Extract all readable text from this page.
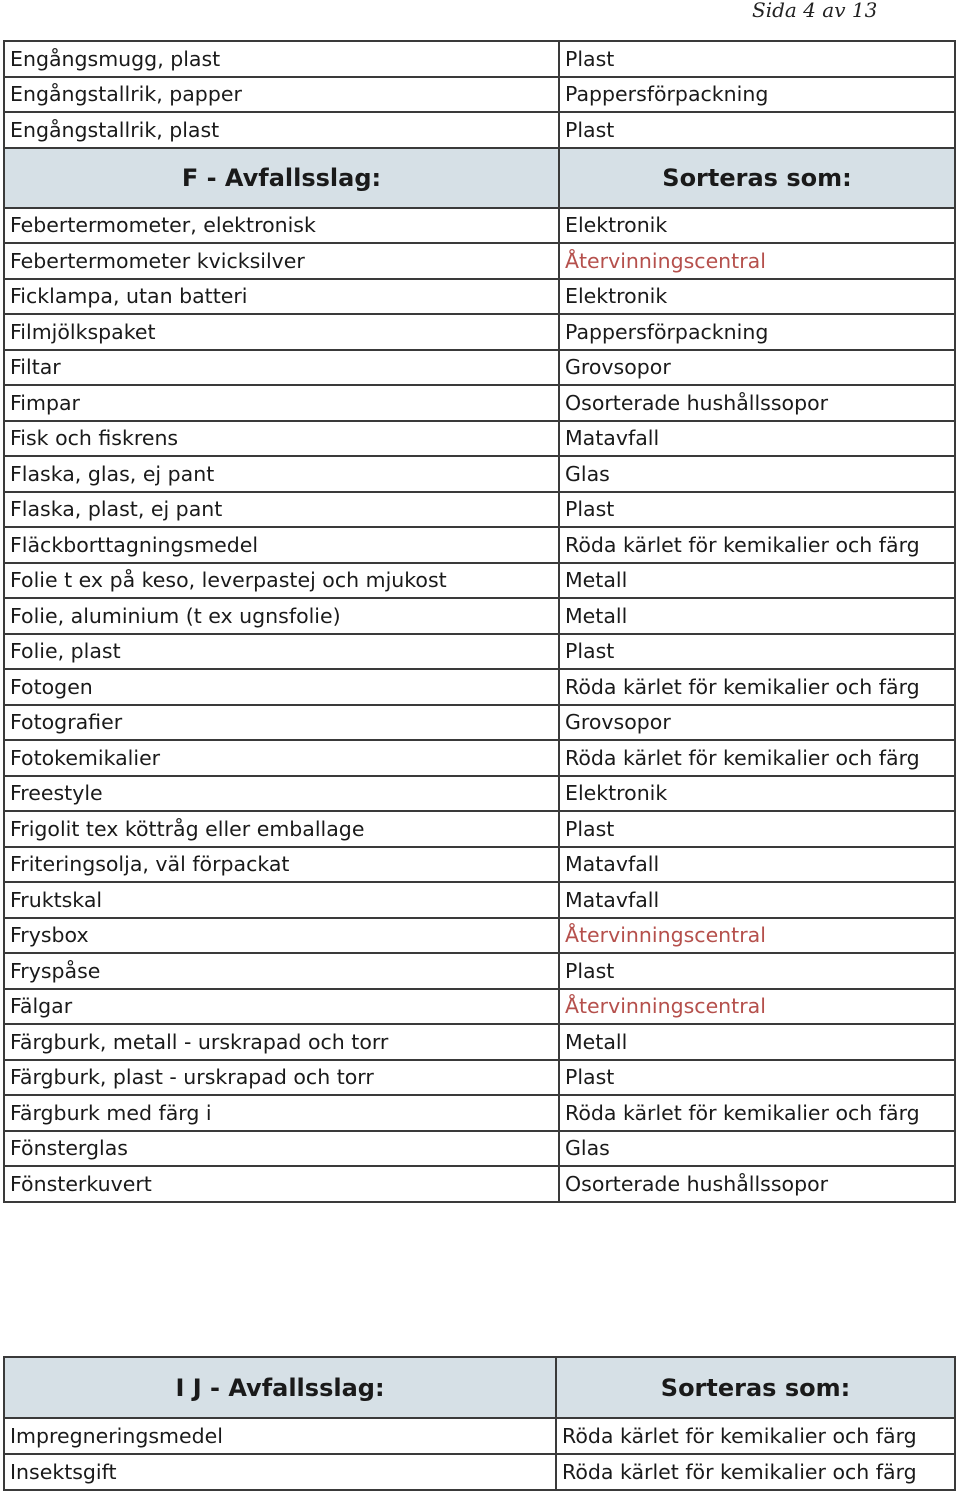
Sida 4 av 13
Engångsmugg, plast	Plast
Engångstallrik, papper	Pappersförpackning
Engångstallrik, plast	Plast
F - Avfallsslag:	Sorteras som:
Febertermometer, elektronisk	Elektronik
Febertermometer kvicksilver	Återvinningscentral
Ficklampa, utan batteri	Elektronik
Filmjölkspaket	Pappersförpackning
Filtar	Grovsopor
Fimpar	Osorterade hushållssopor
Fisk och fiskrens	Matavfall
Flaska, glas, ej pant	Glas
Flaska, plast, ej pant	Plast
Fläckborttagningsmedel	Röda kärlet för kemikalier och färg
Folie t ex på keso, leverpastej och mjukost	Metall
Folie, aluminium (t ex ugnsfolie)	Metall
Folie, plast	Plast
Fotogen	Röda kärlet för kemikalier och färg
Fotografier	Grovsopor
Fotokemikalier	Röda kärlet för kemikalier och färg
Freestyle	Elektronik
Frigolit tex köttråg eller emballage	Plast
Friteringsolja, väl förpackat	Matavfall
Fruktskal	Matavfall
Frysbox	Återvinningscentral
Fryspåse	Plast
Fälgar	Återvinningscentral
Färgburk, metall - urskrapad och torr	Metall
Färgburk, plast - urskrapad och torr	Plast
Färgburk med färg i	Röda kärlet för kemikalier och färg
Fönsterglas	Glas
Fönsterkuvert	Osorterade hushållssopor
I J - Avfallsslag:	Sorteras som:
Impregneringsmedel	Röda kärlet för kemikalier och färg
Insektsgift	Röda kärlet för kemikalier och färg
